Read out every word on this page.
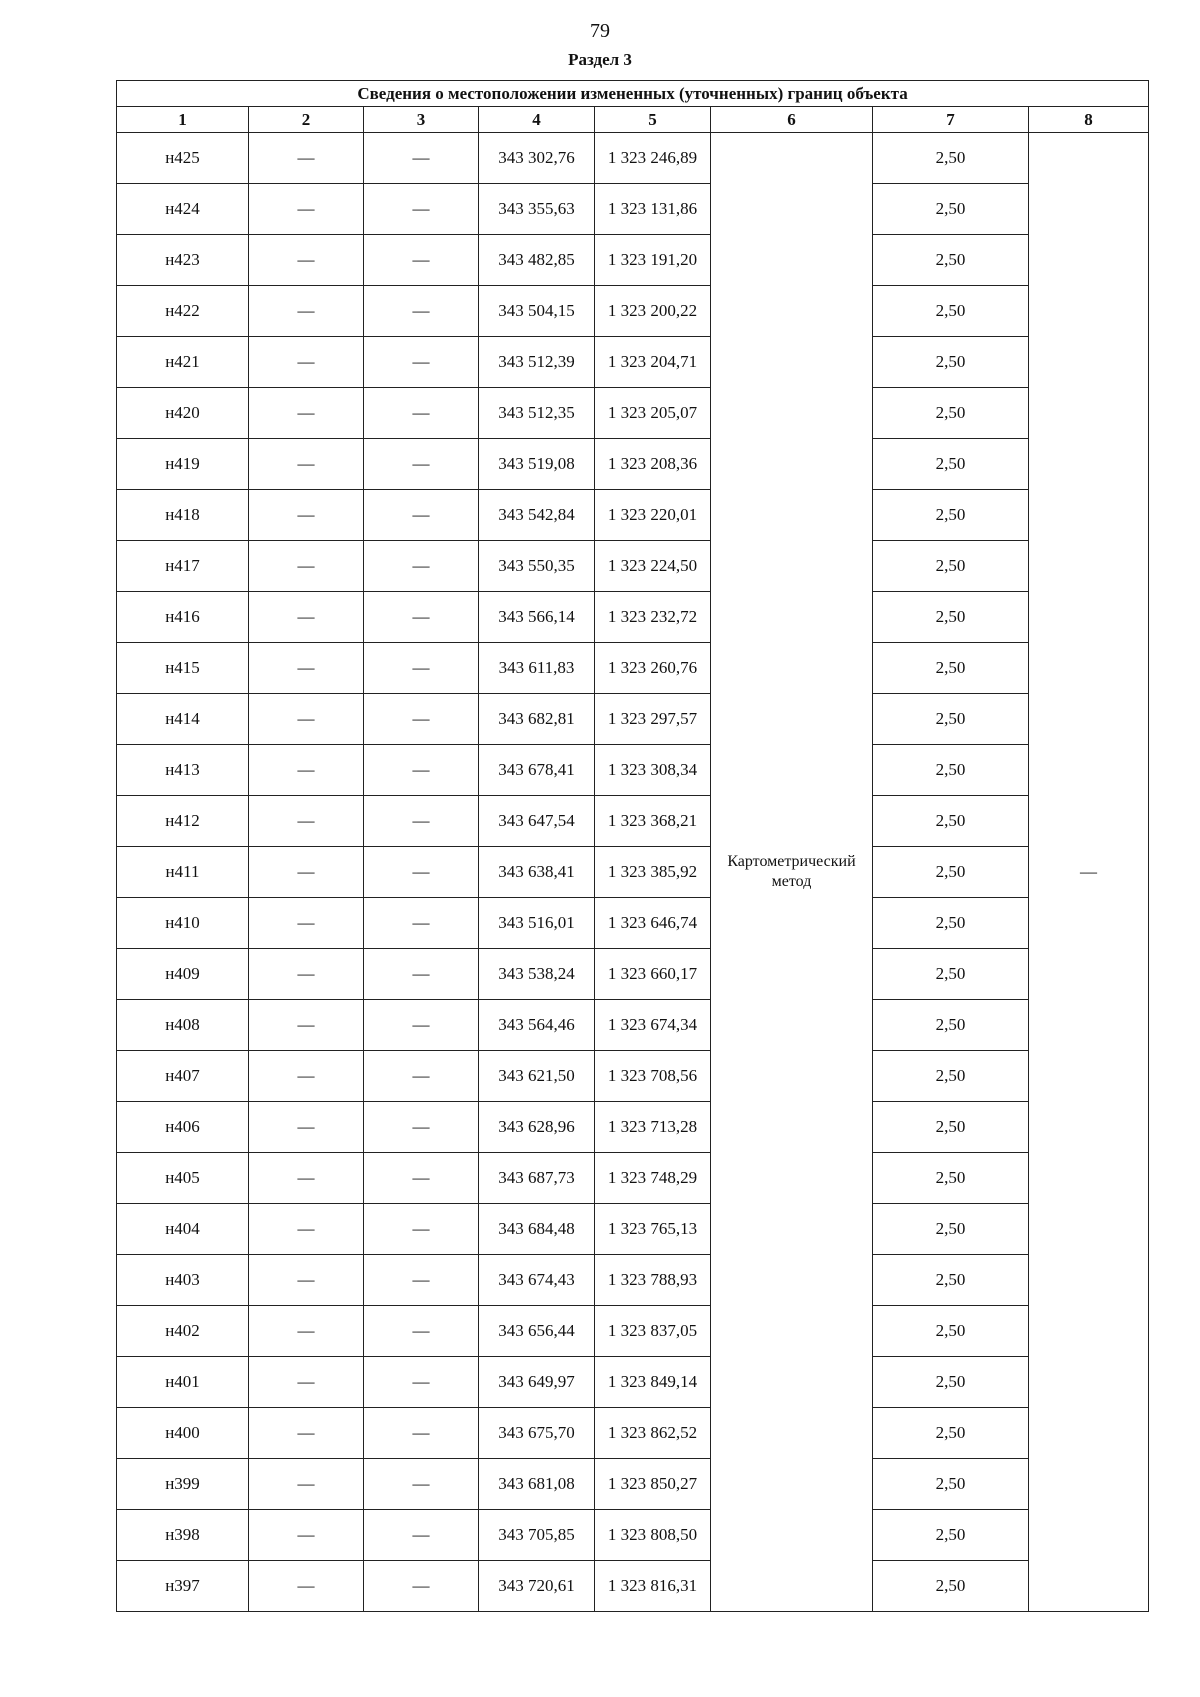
79
Раздел 3
Сведения о местоположении измененных (уточненных) границ объекта							
1	2	3	4	5	6	7	8
н425	—	—	343 302,76	1 323 246,89	Картометрический метод	2,50	—
н424	—	—	343 355,63	1 323 131,86		2,50	
н423	—	—	343 482,85	1 323 191,20		2,50	
н422	—	—	343 504,15	1 323 200,22		2,50	
н421	—	—	343 512,39	1 323 204,71		2,50	
н420	—	—	343 512,35	1 323 205,07		2,50	
н419	—	—	343 519,08	1 323 208,36		2,50	
н418	—	—	343 542,84	1 323 220,01		2,50	
н417	—	—	343 550,35	1 323 224,50		2,50	
н416	—	—	343 566,14	1 323 232,72		2,50	
н415	—	—	343 611,83	1 323 260,76		2,50	
н414	—	—	343 682,81	1 323 297,57		2,50	
н413	—	—	343 678,41	1 323 308,34		2,50	
н412	—	—	343 647,54	1 323 368,21		2,50	
н411	—	—	343 638,41	1 323 385,92		2,50	
н410	—	—	343 516,01	1 323 646,74		2,50	
н409	—	—	343 538,24	1 323 660,17		2,50	
н408	—	—	343 564,46	1 323 674,34		2,50	
н407	—	—	343 621,50	1 323 708,56		2,50	
н406	—	—	343 628,96	1 323 713,28		2,50	
н405	—	—	343 687,73	1 323 748,29		2,50	
н404	—	—	343 684,48	1 323 765,13		2,50	
н403	—	—	343 674,43	1 323 788,93		2,50	
н402	—	—	343 656,44	1 323 837,05		2,50	
н401	—	—	343 649,97	1 323 849,14		2,50	
н400	—	—	343 675,70	1 323 862,52		2,50	
н399	—	—	343 681,08	1 323 850,27		2,50	
н398	—	—	343 705,85	1 323 808,50		2,50	
н397	—	—	343 720,61	1 323 816,31		2,50	
